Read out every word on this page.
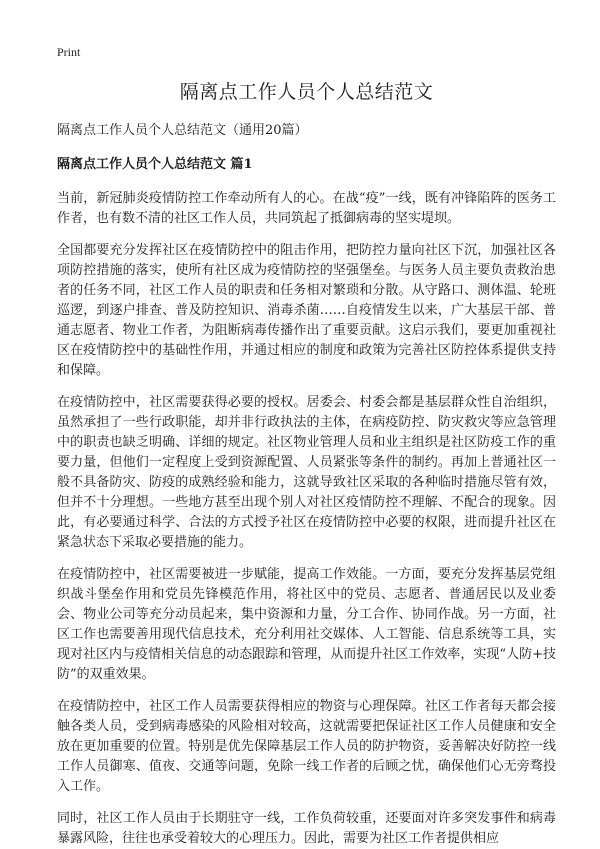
Print

隔离点工作人员个人总结范文

隔离点工作人员个人总结范文（通用20篇）

隔离点工作人员个人总结范文 篇1

当前，新冠肺炎疫情防控工作牵动所有人的心。在战“疫”一线，既有冲锋陷阵的医务工作者，也有数不清的社区工作人员，共同筑起了抵御病毒的坚实堤坝。

全国都要充分发挥社区在疫情防控中的阻击作用，把防控力量向社区下沉，加强社区各项防控措施的落实，使所有社区成为疫情防控的坚强堡垒。与医务人员主要负责救治患者的任务不同，社区工作人员的职责和任务相对繁琐和分散。从守路口、测体温、轮班巡逻，到逐户排查、普及防控知识、消毒杀菌……自疫情发生以来，广大基层干部、普通志愿者、物业工作者，为阻断病毒传播作出了重要贡献。这启示我们，要更加重视社区在疫情防控中的基础性作用，并通过相应的制度和政策为完善社区防控体系提供支持和保障。

在疫情防控中，社区需要获得必要的授权。居委会、村委会都是基层群众性自治组织，虽然承担了一些行政职能，却并非行政执法的主体，在病疫防控、防灾救灾等应急管理中的职责也缺乏明确、详细的规定。社区物业管理人员和业主组织是社区防疫工作的重要力量，但他们一定程度上受到资源配置、人员紧张等条件的制约。再加上普通社区一般不具备防灾、防疫的成熟经验和能力，这就导致社区采取的各种临时措施尽管有效，但并不十分理想。一些地方甚至出现个别人对社区疫情防控不理解、不配合的现象。因此，有必要通过科学、合法的方式授予社区在疫情防控中必要的权限，进而提升社区在紧急状态下采取必要措施的能力。

在疫情防控中，社区需要被进一步赋能，提高工作效能。一方面，要充分发挥基层党组织战斗堡垒作用和党员先锋模范作用，将社区中的党员、志愿者、普通居民以及业委会、物业公司等充分动员起来，集中资源和力量，分工合作、协同作战。另一方面，社区工作也需要善用现代信息技术，充分利用社交媒体、人工智能、信息系统等工具，实现对社区内与疫情相关信息的动态跟踪和管理，从而提升社区工作效率，实现“人防+技防”的双重效果。

在疫情防控中，社区工作人员需要获得相应的物资与心理保障。社区工作者每天都会接触各类人员，受到病毒感染的风险相对较高，这就需要把保证社区工作人员健康和安全放在更加重要的位置。特别是优先保障基层工作人员的防护物资，妥善解决好防控一线工作人员御寒、值夜、交通等问题，免除一线工作者的后顾之忧，确保他们心无旁骛投入工作。

同时，社区工作人员由于长期驻守一线，工作负荷较重，还要面对许多突发事件和病毒暴露风险，往往也承受着较大的心理压力。因此，需要为社区工作者提供相应
